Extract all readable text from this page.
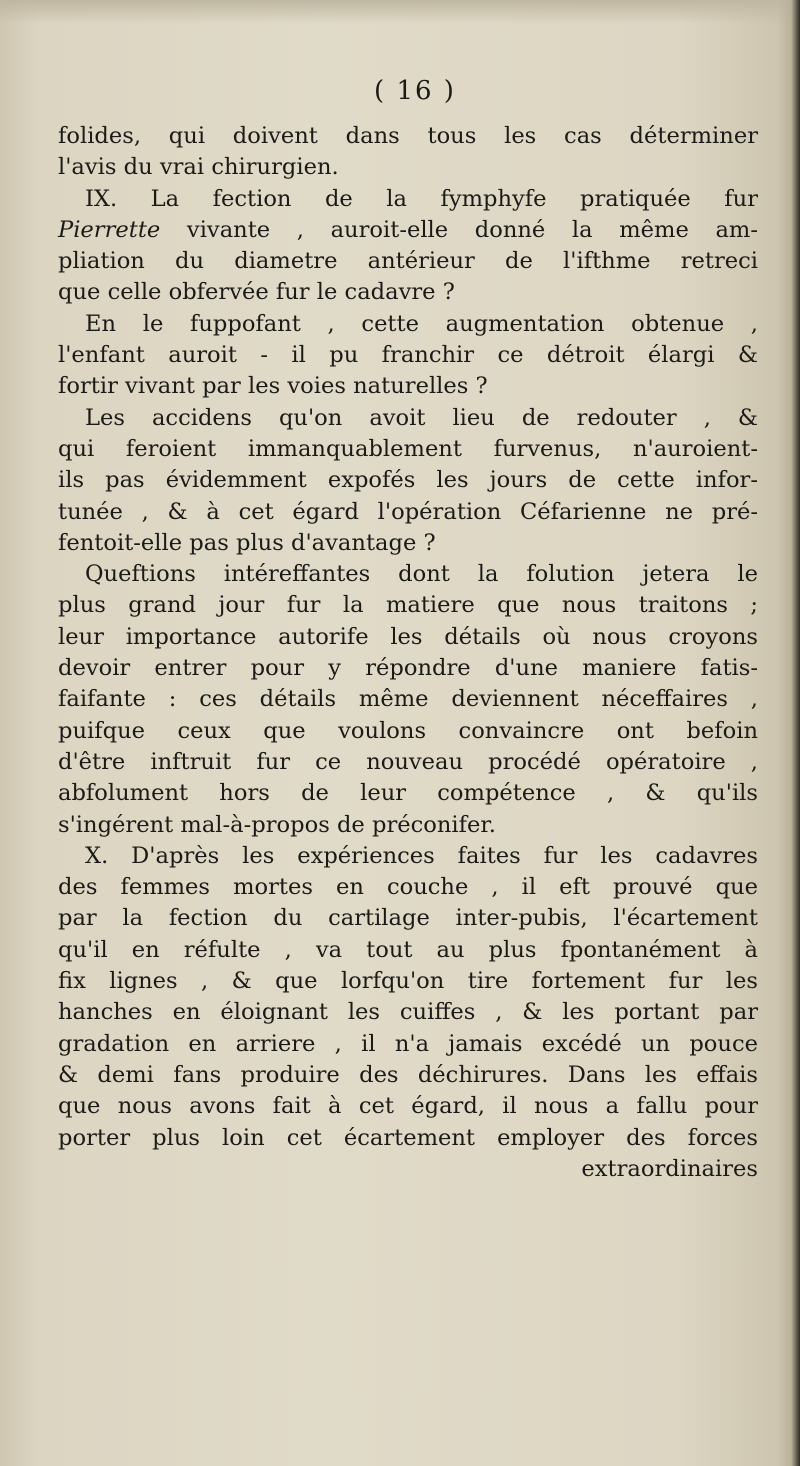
( 16 )
folides, qui doivent dans tous les cas déterminer
l'avis du vrai chirurgien.
IX. La fection de la fymphyfe pratiquée fur
Pierrette vivante , auroit-elle donné la même am-
pliation du diametre antérieur de l'ifthme retreci
que celle obfervée fur le cadavre ?
En le fuppofant , cette augmentation obtenue ,
l'enfant auroit - il pu franchir ce détroit élargi &
fortir vivant par les voies naturelles ?
Les accidens qu'on avoit lieu de redouter , &
qui feroient immanquablement furvenus, n'auroient-
ils pas évidemment expofés les jours de cette infor-
tunée , & à cet égard l'opération Céfarienne ne pré-
fentoit-elle pas plus d'avantage ?
Queftions intéreffantes dont la folution jetera le
plus grand jour fur la matiere que nous traitons ;
leur importance autorife les détails où nous croyons
devoir entrer pour y répondre d'une maniere fatis-
faifante : ces détails même deviennent néceffaires ,
puifque ceux que voulons convaincre ont befoin
d'être inftruit fur ce nouveau procédé opératoire ,
abfolument hors de leur compétence , & qu'ils
s'ingérent mal-à-propos de préconifer.
X. D'après les expériences faites fur les cadavres
des femmes mortes en couche , il eft prouvé que
par la fection du cartilage inter-pubis, l'écartement
qu'il en réfulte , va tout au plus fpontanément à
fix lignes , & que lorfqu'on tire fortement fur les
hanches en éloignant les cuiffes , & les portant par
gradation en arriere , il n'a jamais excédé un pouce
& demi fans produire des déchirures. Dans les effais
que nous avons fait à cet égard, il nous a fallu pour
porter plus loin cet écartement employer des forces
extraordinaires
